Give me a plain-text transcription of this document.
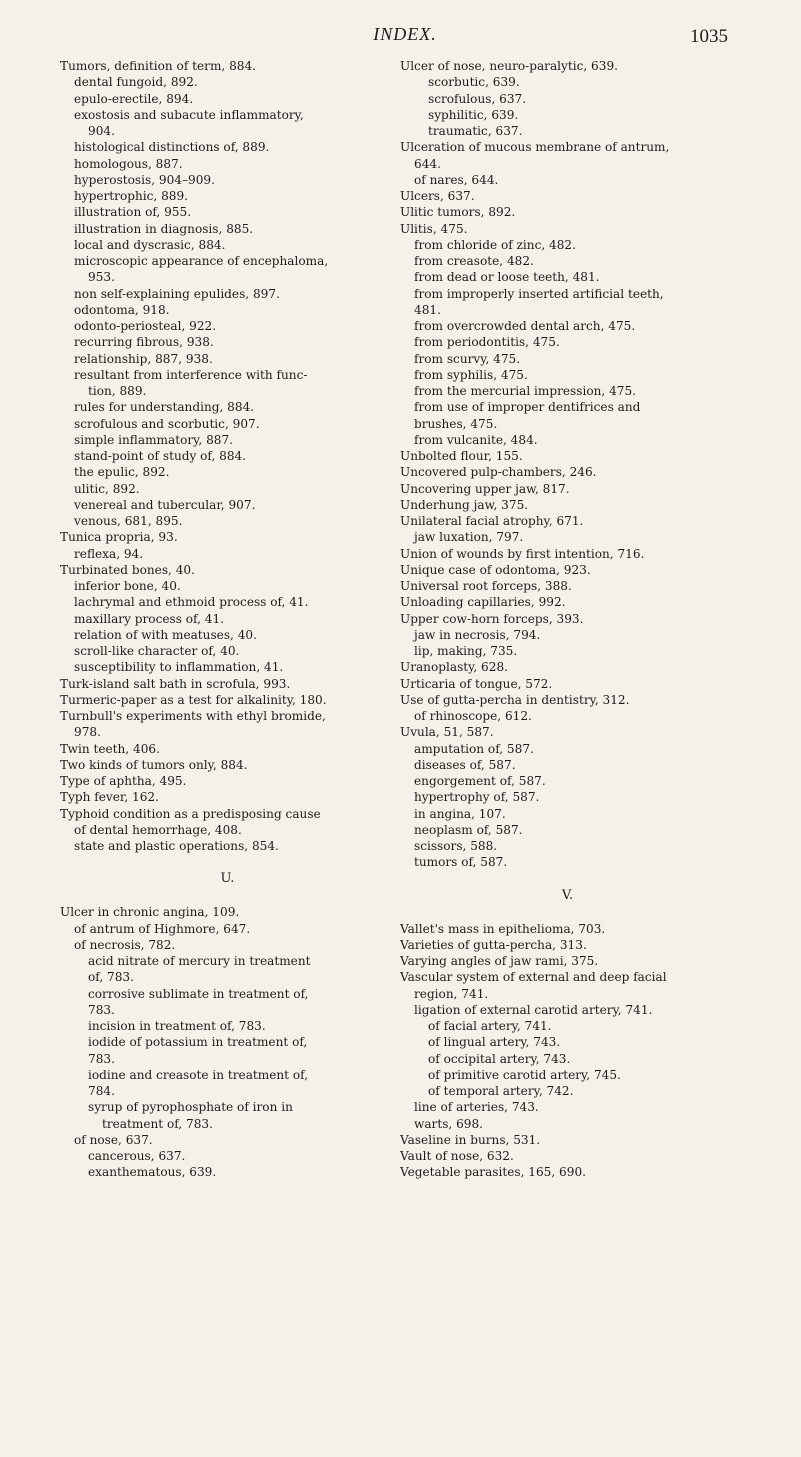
INDEX.	1035
Tumors, definition of term, 884.
dental fungoid, 892.
epulo-erectile, 894.
exostosis and subacute inflammatory,
904.
histological distinctions of, 889.
homologous, 887.
hyperostosis, 904–909.
hypertrophic, 889.
illustration of, 955.
illustration in diagnosis, 885.
local and dyscrasic, 884.
microscopic appearance of encephaloma,
953.
non self-explaining epulides, 897.
odontoma, 918.
odonto-periosteal, 922.
recurring fibrous, 938.
relationship, 887, 938.
resultant from interference with func-
tion, 889.
rules for understanding, 884.
scrofulous and scorbutic, 907.
simple inflammatory, 887.
stand-point of study of, 884.
the epulic, 892.
ulitic, 892.
venereal and tubercular, 907.
venous, 681, 895.
Tunica propria, 93.
reflexa, 94.
Turbinated bones, 40.
inferior bone, 40.
lachrymal and ethmoid process of, 41.
maxillary process of, 41.
relation of with meatuses, 40.
scroll-like character of, 40.
susceptibility to inflammation, 41.
Turk-island salt bath in scrofula, 993.
Turmeric-paper as a test for alkalinity, 180.
Turnbull's experiments with ethyl bromide,
978.
Twin teeth, 406.
Two kinds of tumors only, 884.
Type of aphtha, 495.
Typh fever, 162.
Typhoid condition as a predisposing cause
of dental hemorrhage, 408.
state and plastic operations, 854.
U.
Ulcer in chronic angina, 109.
of antrum of Highmore, 647.
of necrosis, 782.
acid nitrate of mercury in treatment
of, 783.
corrosive sublimate in treatment of,
783.
incision in treatment of, 783.
iodide of potassium in treatment of,
783.
iodine and creasote in treatment of,
784.
syrup of pyrophosphate of iron in
treatment of, 783.
of nose, 637.
cancerous, 637.
exanthematous, 639.
Ulcer of nose, neuro-paralytic, 639.
scorbutic, 639.
scrofulous, 637.
syphilitic, 639.
traumatic, 637.
Ulceration of mucous membrane of antrum,
644.
of nares, 644.
Ulcers, 637.
Ulitic tumors, 892.
Ulitis, 475.
from chloride of zinc, 482.
from creasote, 482.
from dead or loose teeth, 481.
from improperly inserted artificial teeth,
481.
from overcrowded dental arch, 475.
from periodontitis, 475.
from scurvy, 475.
from syphilis, 475.
from the mercurial impression, 475.
from use of improper dentifrices and
brushes, 475.
from vulcanite, 484.
Unbolted flour, 155.
Uncovered pulp-chambers, 246.
Uncovering upper jaw, 817.
Underhung jaw, 375.
Unilateral facial atrophy, 671.
jaw luxation, 797.
Union of wounds by first intention, 716.
Unique case of odontoma, 923.
Universal root forceps, 388.
Unloading capillaries, 992.
Upper cow-horn forceps, 393.
jaw in necrosis, 794.
lip, making, 735.
Uranoplasty, 628.
Urticaria of tongue, 572.
Use of gutta-percha in dentistry, 312.
of rhinoscope, 612.
Uvula, 51, 587.
amputation of, 587.
diseases of, 587.
engorgement of, 587.
hypertrophy of, 587.
in angina, 107.
neoplasm of, 587.
scissors, 588.
tumors of, 587.
V.
Vallet's mass in epithelioma, 703.
Varieties of gutta-percha, 313.
Varying angles of jaw rami, 375.
Vascular system of external and deep facial
region, 741.
ligation of external carotid artery, 741.
of facial artery, 741.
of lingual artery, 743.
of occipital artery, 743.
of primitive carotid artery, 745.
of temporal artery, 742.
line of arteries, 743.
warts, 698.
Vaseline in burns, 531.
Vault of nose, 632.
Vegetable parasites, 165, 690.
